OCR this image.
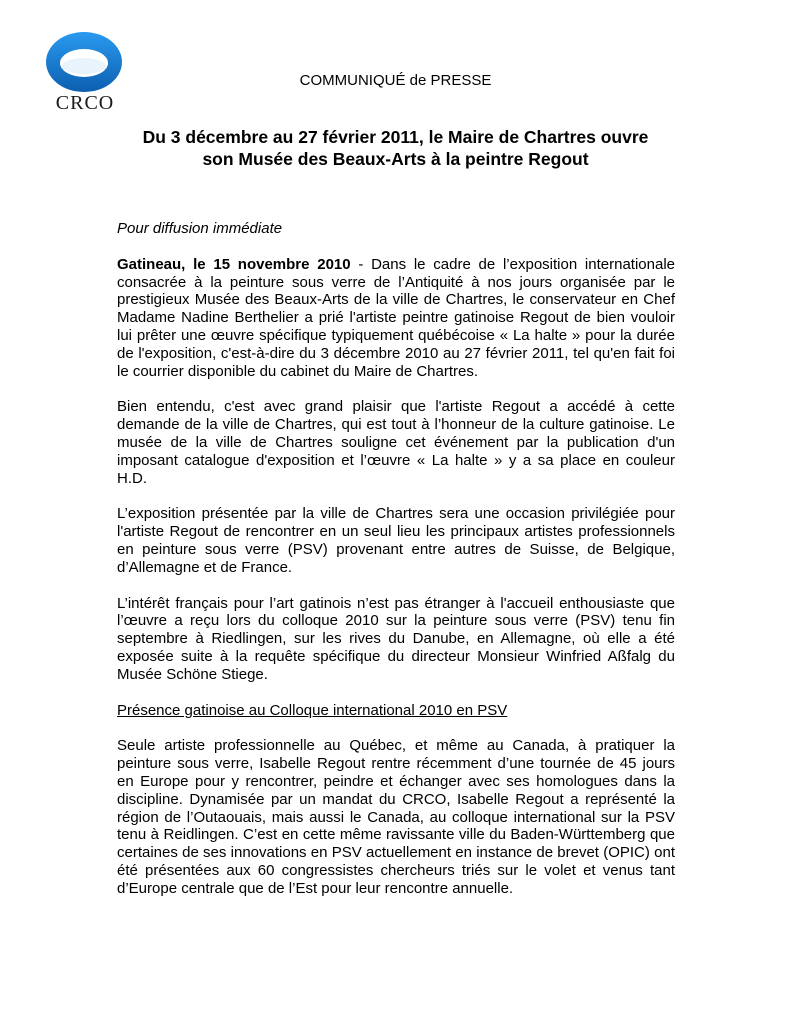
CRCO
COMMUNIQUÉ de PRESSE
Du 3 décembre au 27 février 2011, le Maire de Chartres ouvre
son Musée des Beaux-Arts à la peintre Regout

Pour diffusion immédiate

Gatineau, le 15 novembre 2010 - Dans le cadre de l’exposition internationale consacrée à la peinture sous verre de l’Antiquité à nos jours organisée par le prestigieux Musée des Beaux-Arts de la ville de Chartres, le conservateur en Chef Madame Nadine Berthelier a prié l'artiste peintre gatinoise Regout de bien vouloir lui prêter une œuvre spécifique typiquement québécoise « La halte » pour la durée de l'exposition, c'est-à-dire du 3 décembre 2010 au 27 février 2011, tel qu'en fait foi le courrier disponible du cabinet du Maire de Chartres.

Bien entendu, c'est avec grand plaisir que l'artiste Regout a accédé à cette demande de la ville de Chartres, qui est tout à l’honneur de la culture gatinoise. Le musée de la ville de Chartres souligne cet événement par la publication d'un imposant catalogue d'exposition et l’œuvre « La halte » y a sa place en couleur H.D.

L’exposition présentée par la ville de Chartres sera une occasion privilégiée pour l'artiste Regout de rencontrer en un seul lieu les principaux artistes professionnels en peinture sous verre (PSV) provenant entre autres de Suisse, de Belgique, d’Allemagne et de France.

L’intérêt français pour l’art gatinois n’est pas étranger à l'accueil enthousiaste que l’œuvre a reçu lors du colloque 2010 sur la peinture sous verre (PSV) tenu fin septembre à Riedlingen, sur les rives du Danube, en Allemagne, où elle a été exposée suite à la requête spécifique du directeur Monsieur Winfried Aßfalg du Musée Schöne Stiege.

Présence gatinoise au Colloque international 2010 en PSV

Seule artiste professionnelle au Québec, et même au Canada, à pratiquer la peinture sous verre, Isabelle Regout rentre récemment d’une tournée de 45 jours en Europe pour y rencontrer, peindre et échanger avec ses homologues dans la discipline. Dynamisée par un mandat du CRCO, Isabelle Regout a représenté la région de l’Outaouais, mais aussi le Canada, au colloque international sur la PSV tenu à Reidlingen. C’est en cette même ravissante ville du Baden-Württemberg que certaines de ses innovations en PSV actuellement en instance de brevet (OPIC) ont été présentées aux 60 congressistes chercheurs triés sur le volet et venus tant d’Europe centrale que de l’Est pour leur rencontre annuelle.
